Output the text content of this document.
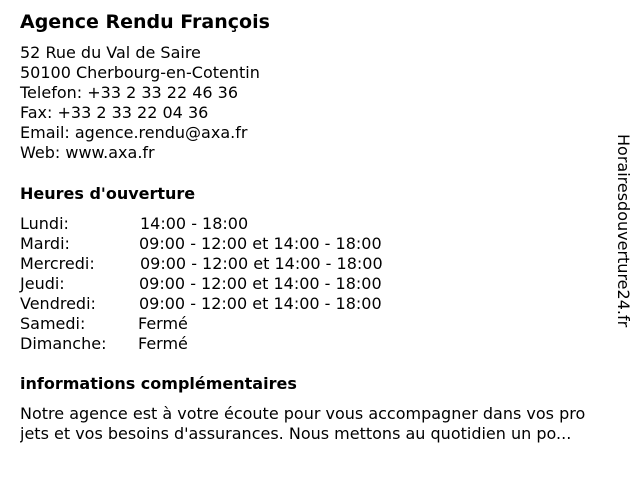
Agence Rendu François
52 Rue du Val de Saire
50100 Cherbourg-en-Cotentin
Telefon: +33 2 33 22 46 36
Fax: +33 2 33 22 04 36
Email: agence.rendu@axa.fr
Web: www.axa.fr
Heures d'ouverture
Lundi:	14:00 - 18:00
Mardi:	09:00 - 12:00 et 14:00 - 18:00
Mercredi:	09:00 - 12:00 et 14:00 - 18:00
Jeudi:	09:00 - 12:00 et 14:00 - 18:00
Vendredi:	09:00 - 12:00 et 14:00 - 18:00
Samedi:	Fermé
Dimanche: Fermé
informations complémentaires
Notre agence est à votre écoute pour vous accompagner dans vos pro
jets et vos besoins d'assurances. Nous mettons au quotidien un po...
Horairesdouverture24.fr
